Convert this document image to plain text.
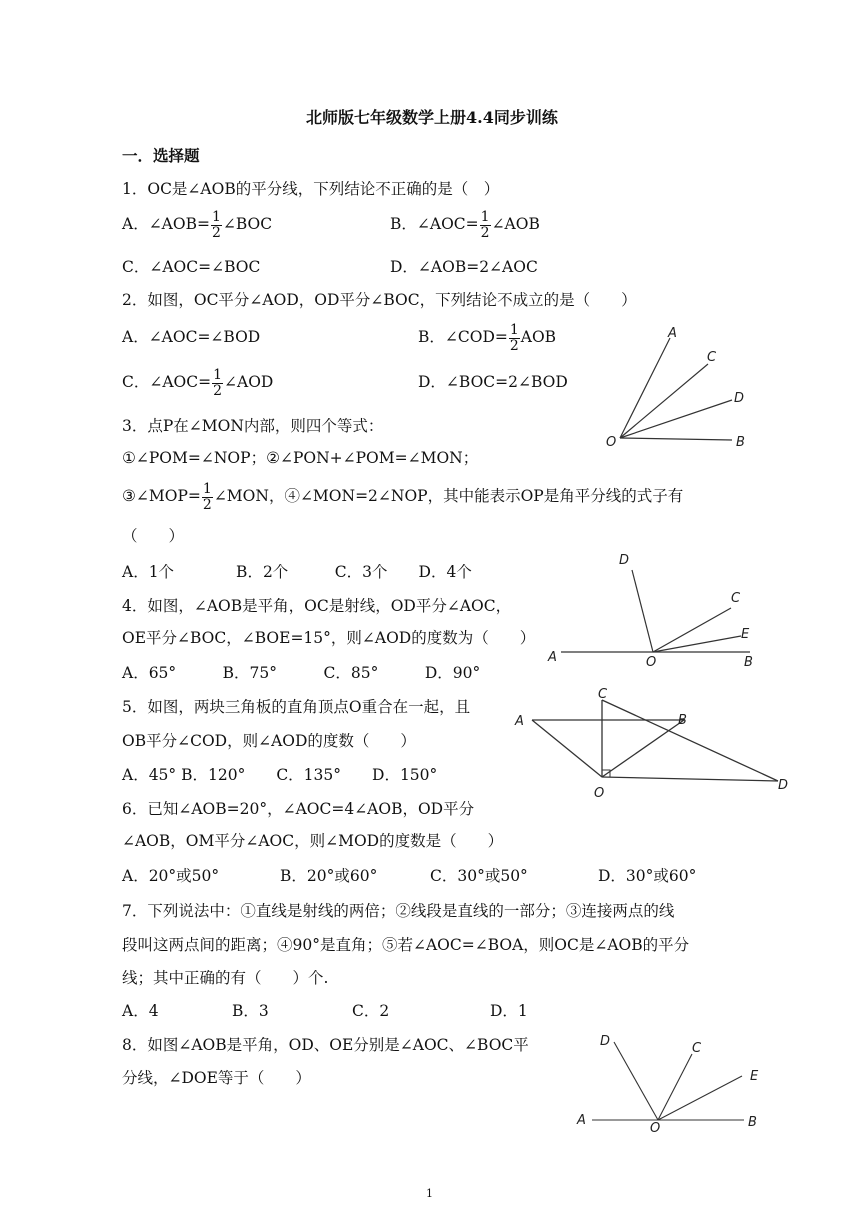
北师版七年级数学上册4.4同步训练
一．选择题
1．OC是∠AOB的平分线，下列结论不正确的是（　）
A．∠AOB= $\frac{1}{2}$ ∠BOC	B．∠AOC= $\frac{1}{2}$ ∠AOB
C．∠AOC=∠BOC	D．∠AOB=2∠AOC
2．如图，OC平分∠AOD，OD平分∠BOC，下列结论不成立的是（　　）
A．∠AOC=∠BOD	B．∠COD= $\frac{1}{2}$ AOB
C．∠AOC= $\frac{1}{2}$ ∠AOD	D．∠BOC=2∠BOD
A
C
D
O	B
3．点P在∠MON内部，则四个等式：
①∠POM=∠NOP；②∠PON+∠POM=∠MON；
③∠MOP= $\frac{1}{2}$ ∠MON，④∠MON=2∠NOP，其中能表示OP是角平分线的式子有
（　　）
A．1个　　　　B．2个　　　C．3个　　D．4个
4．如图，∠AOB是平角，OC是射线，OD平分∠AOC，
OE平分∠BOC，∠BOE=15°，则∠AOD的度数为（　　）
A．65°　　　B．75°　　　C．85°　　　D．90°
D
C
E
A	O	B
5．如图，两块三角板的直角顶点O重合在一起，且
OB平分∠COD，则∠AOD的度数（　　）
A．45° B．120°　　C．135°　　D．150°
C
A	B
O
D
6．已知∠AOB=20°，∠AOC=4∠AOB，OD平分
∠AOB，OM平分∠AOC，则∠MOD的度数是（　　）
A．20°或50°	B．20°或60°	C．30°或50°	D．30°或60°
7．下列说法中：①直线是射线的两倍；②线段是直线的一部分；③连接两点的线
段叫这两点间的距离；④90°是直角；⑤若∠AOC=∠BOA，则OC是∠AOB的平分
线；其中正确的有（　　）个.
A．4	B．3	C．2	D．1
8．如图∠AOB是平角，OD、OE分别是∠AOC、∠BOC平
分线，∠DOE等于（　　）
D	C
E
A
O	B
1
